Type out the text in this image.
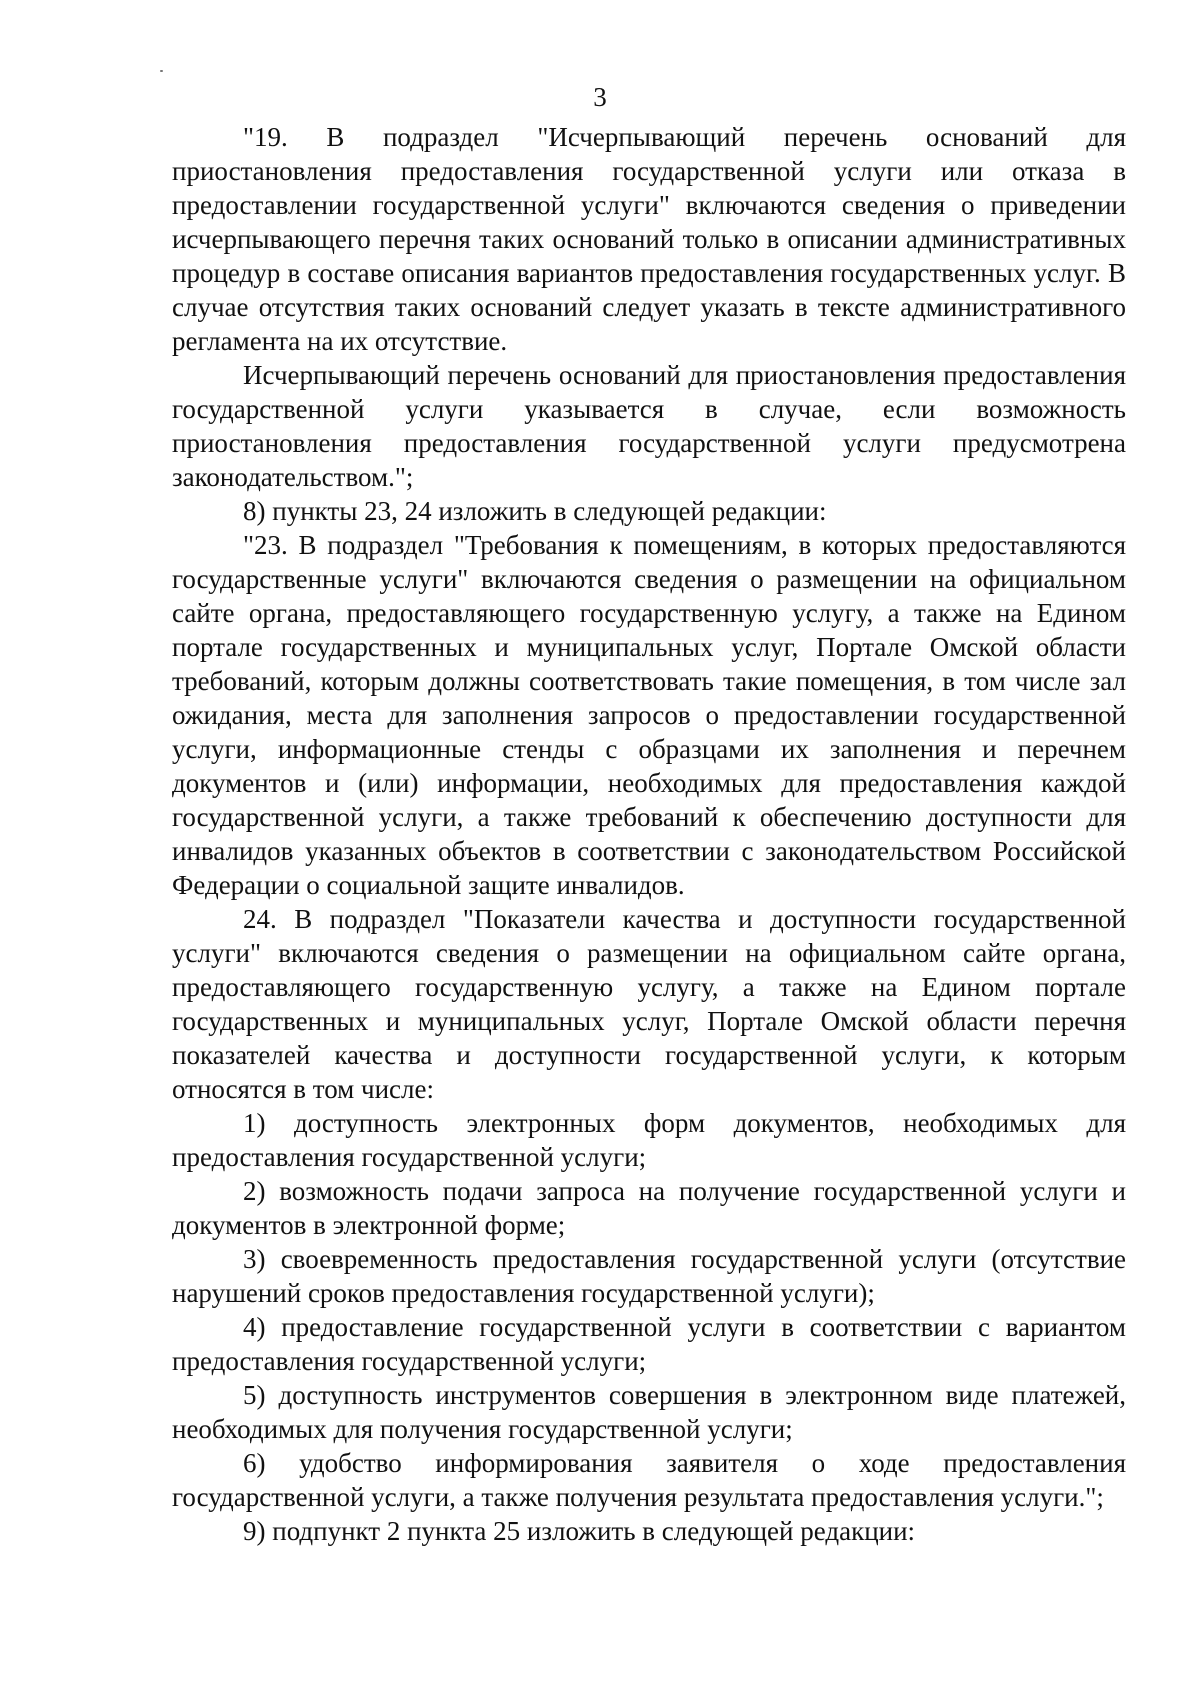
3

"19. В подраздел "Исчерпывающий перечень оснований для приостановления предоставления государственной услуги или отказа в предоставлении государственной услуги" включаются сведения о приведении исчерпывающего перечня таких оснований только в описании административных процедур в составе описания вариантов предоставления государственных услуг. В случае отсутствия таких оснований следует указать в тексте административного регламента на их отсутствие.

Исчерпывающий перечень оснований для приостановления предоставления государственной услуги указывается в случае, если возможность приостановления предоставления государственной услуги предусмотрена законодательством.";

8) пункты 23, 24 изложить в следующей редакции:

"23. В подраздел "Требования к помещениям, в которых предоставляются государственные услуги" включаются сведения о размещении на официальном сайте органа, предоставляющего государственную услугу, а также на Едином портале государственных и муниципальных услуг, Портале Омской области требований, которым должны соответствовать такие помещения, в том числе зал ожидания, места для заполнения запросов о предоставлении государственной услуги, информационные стенды с образцами их заполнения и перечнем документов и (или) информации, необходимых для предоставления каждой государственной услуги, а также требований к обеспечению доступности для инвалидов указанных объектов в соответствии с законодательством Российской Федерации о социальной защите инвалидов.

24. В подраздел "Показатели качества и доступности государственной услуги" включаются сведения о размещении на официальном сайте органа, предоставляющего государственную услугу, а также на Едином портале государственных и муниципальных услуг, Портале Омской области перечня показателей качества и доступности государственной услуги, к которым относятся в том числе:

1) доступность электронных форм документов, необходимых для предоставления государственной услуги;

2) возможность подачи запроса на получение государственной услуги и документов в электронной форме;

3) своевременность предоставления государственной услуги (отсутствие нарушений сроков предоставления государственной услуги);

4) предоставление государственной услуги в соответствии с вариантом предоставления государственной услуги;

5) доступность инструментов совершения в электронном виде платежей, необходимых для получения государственной услуги;

6) удобство информирования заявителя о ходе предоставления государственной услуги, а также получения результата предоставления услуги.";

9) подпункт 2 пункта 25 изложить в следующей редакции:
